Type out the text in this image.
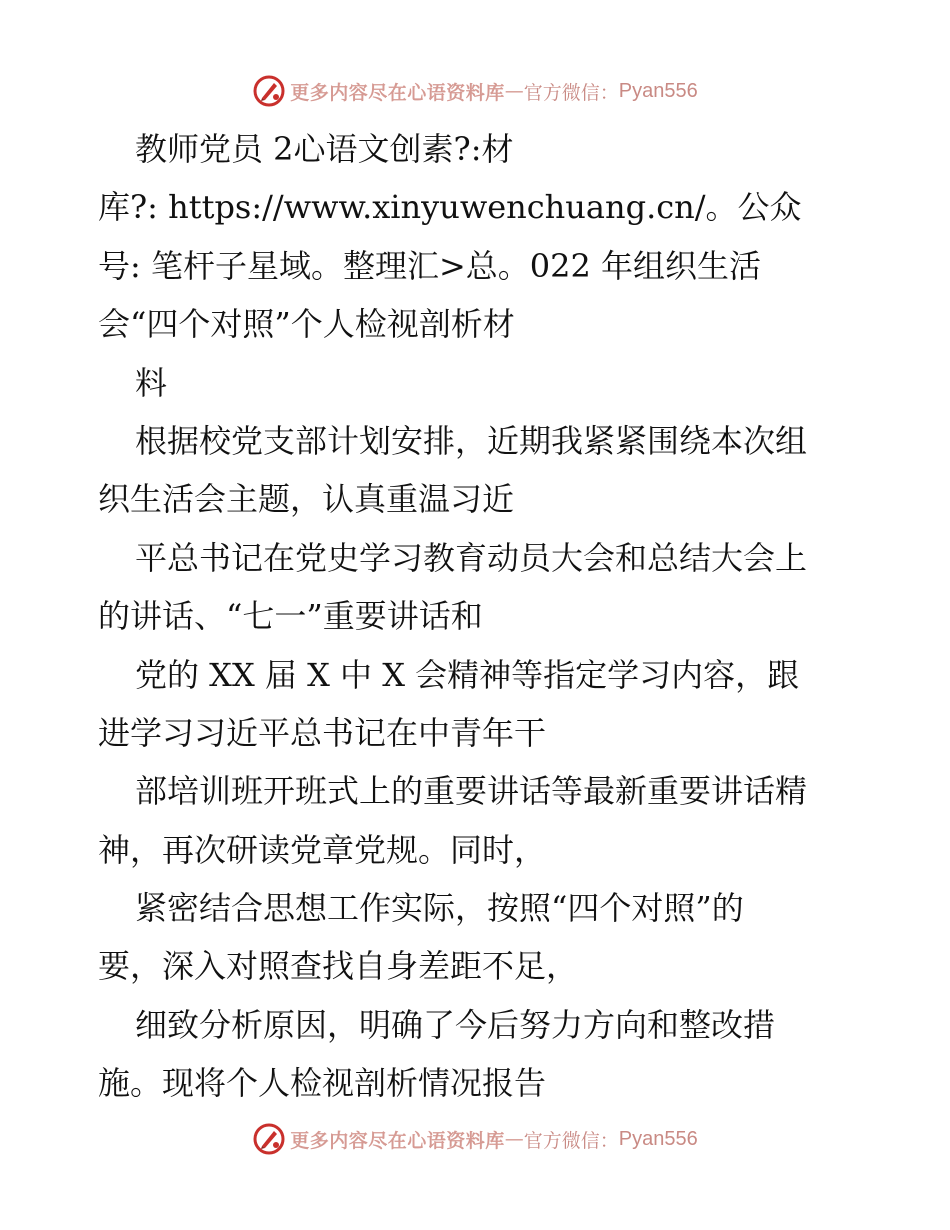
更多内容尽在心语资料库 — 官方微信： Pyan556
教师党员 2心语文创素?:材
库?: https://www.xinyuwenchuang.cn/。公众
号: 笔杆子星域。整理汇>总。022 年组织生活
会“四个对照”个人检视剖析材
料
根据校党支部计划安排，近期我紧紧围绕本次组
织生活会主题，认真重温习近
平总书记在党史学习教育动员大会和总结大会上
的讲话、“七一”重要讲话和
党的 XX 届 X 中 X 会精神等指定学习内容，跟
进学习习近平总书记在中青年干
部培训班开班式上的重要讲话等最新重要讲话精
神，再次研读党章党规。同时，
紧密结合思想工作实际，按照“四个对照”的
要，深入对照查找自身差距不足，
细致分析原因，明确了今后努力方向和整改措
施。现将个人检视剖析情况报告
更多内容尽在心语资料库 — 官方微信： Pyan556
